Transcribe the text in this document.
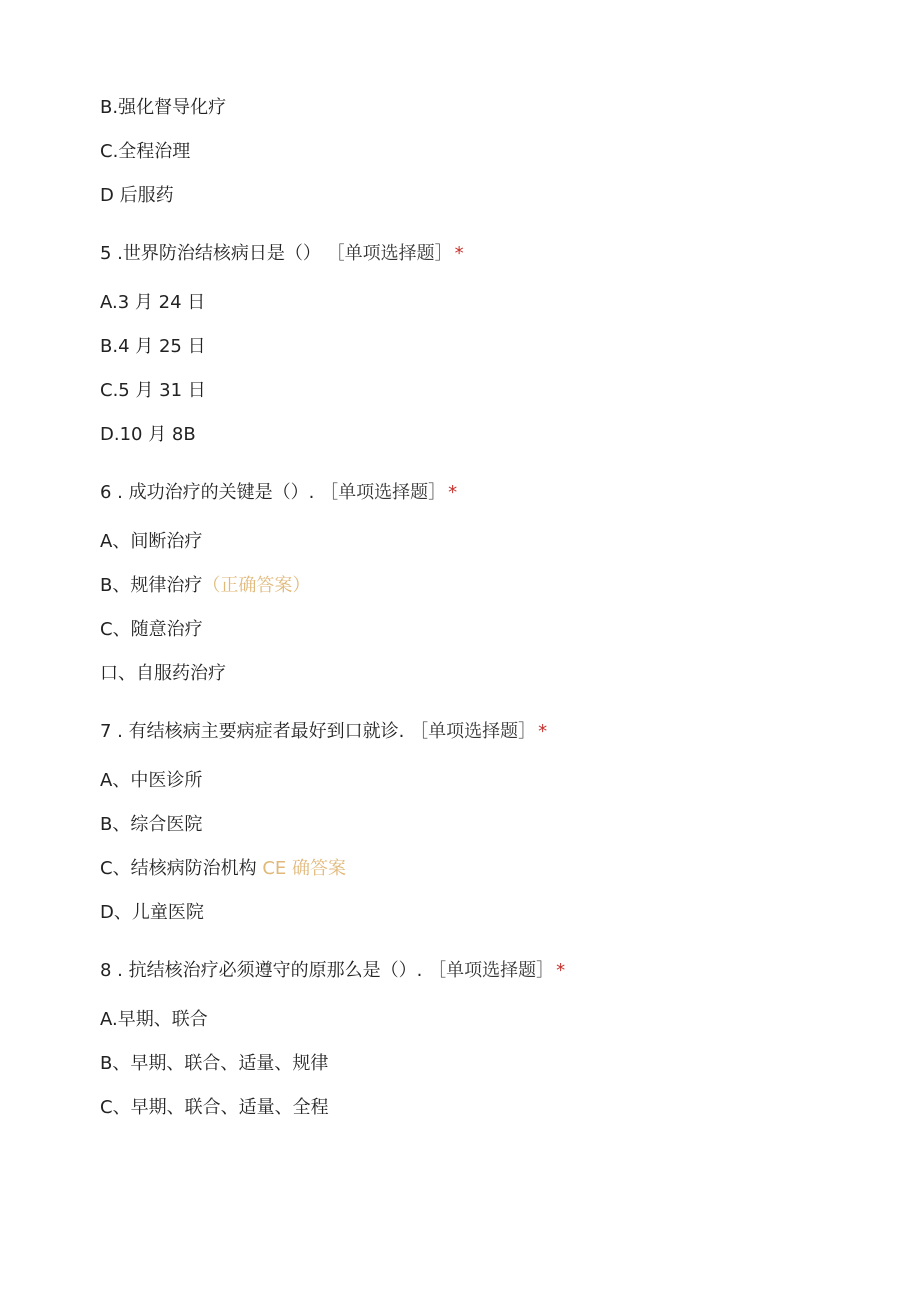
B.强化督导化疗
C.全程治理
D 后服药
5 .世界防治结核病日是（） ［单项选择题］ *
A.3 月 24 日
B.4 月 25 日
C.5 月 31 日
D.10 月 8B
6 . 成功治疗的关键是（）. ［单项选择题］ *
A、间断治疗
B、规律治疗（正确答案）
C、随意治疗
口、自服药治疗
7 . 有结核病主要病症者最好到口就诊. ［单项选择题］ *
A、中医诊所
B、综合医院
C、结核病防治机构 CE 确答案
D、儿童医院
8 . 抗结核治疗必须遵守的原那么是（）. ［单项选择题］ *
A.早期、联合
B、早期、联合、适量、规律
C、早期、联合、适量、全程
